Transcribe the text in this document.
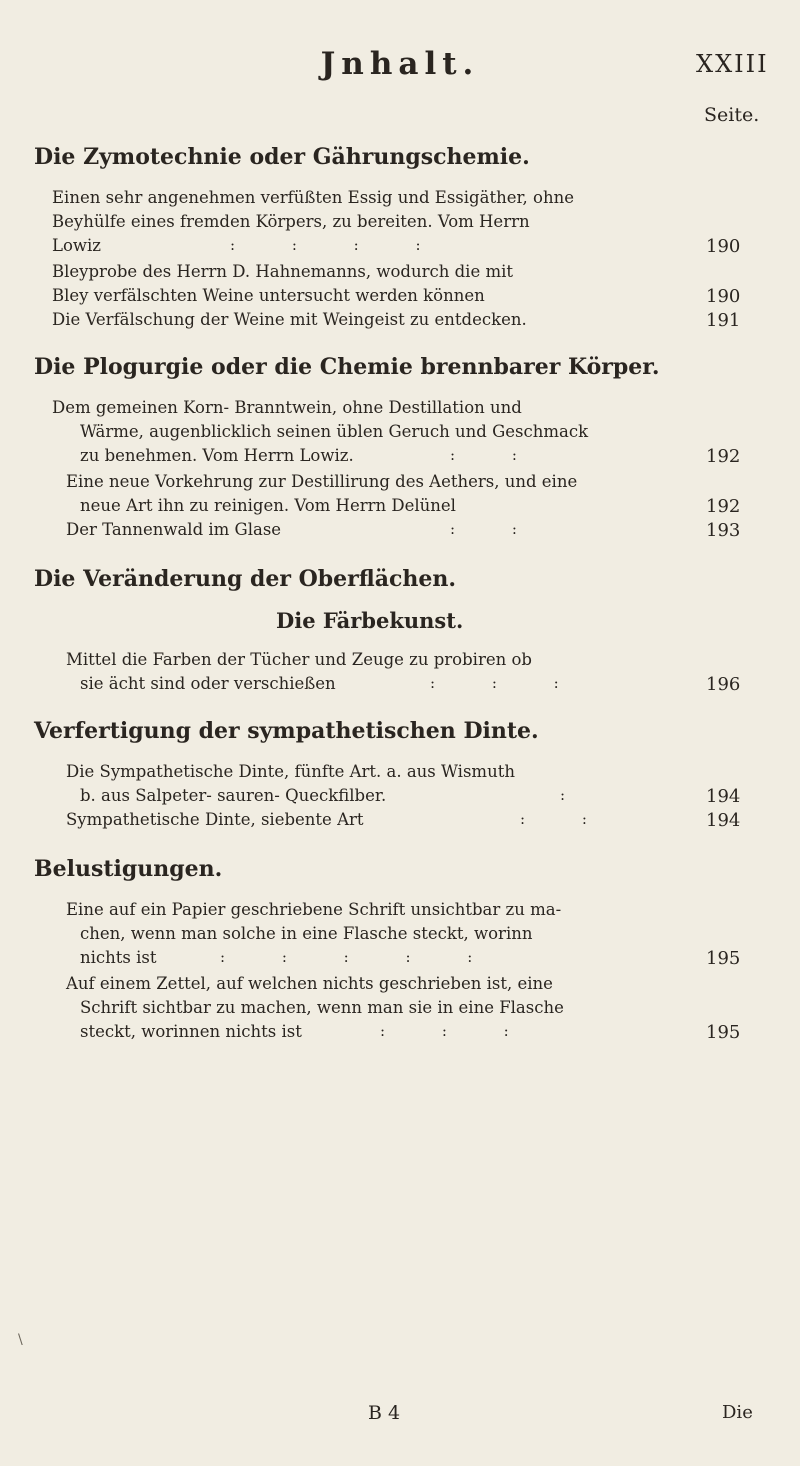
Jnhalt.	XXIII
Seite.
Die Zymotechnie oder Gährungschemie.
Einen sehr angenehmen verfüßten Essig und Essigäther, ohne
Beyhülfe eines fremden Körpers, zu bereiten. Vom Herrn
Lowiz	: : : :	190
Bleyprobe des Herrn D. Hahnemanns, wodurch die mit
Bley verfälschten Weine untersucht werden können	190
Die Verfälschung der Weine mit Weingeist zu entdecken.	191
Die Plogurgie oder die Chemie brennbarer Körper.
Dem gemeinen Korn- Branntwein, ohne Destillation und
Wärme, augenblicklich seinen üblen Geruch und Geschmack
zu benehmen. Vom Herrn Lowiz.	: :	192
Eine neue Vorkehrung zur Destillirung des Aethers, und eine
neue Art ihn zu reinigen. Vom Herrn Delünel	192
Der Tannenwald im Glase	: :	193
Die Veränderung der Oberflächen.
Die Färbekunst.
Mittel die Farben der Tücher und Zeuge zu probiren ob
sie ächt sind oder verschießen	: : :	196
Verfertigung der sympathetischen Dinte.
Die Sympathetische Dinte, fünfte Art. a. aus Wismuth
b. aus Salpeter- sauren- Queckfilber.	:	194
Sympathetische Dinte, siebente Art	: :	194
Belustigungen.
Eine auf ein Papier geschriebene Schrift unsichtbar zu ma-
chen, wenn man solche in eine Flasche steckt, worinn
nichts ist	: : : : :	195
Auf einem Zettel, auf welchen nichts geschrieben ist, eine
Schrift sichtbar zu machen, wenn man sie in eine Flasche
steckt, worinnen nichts ist	: : :	195
B 4	Die
\
